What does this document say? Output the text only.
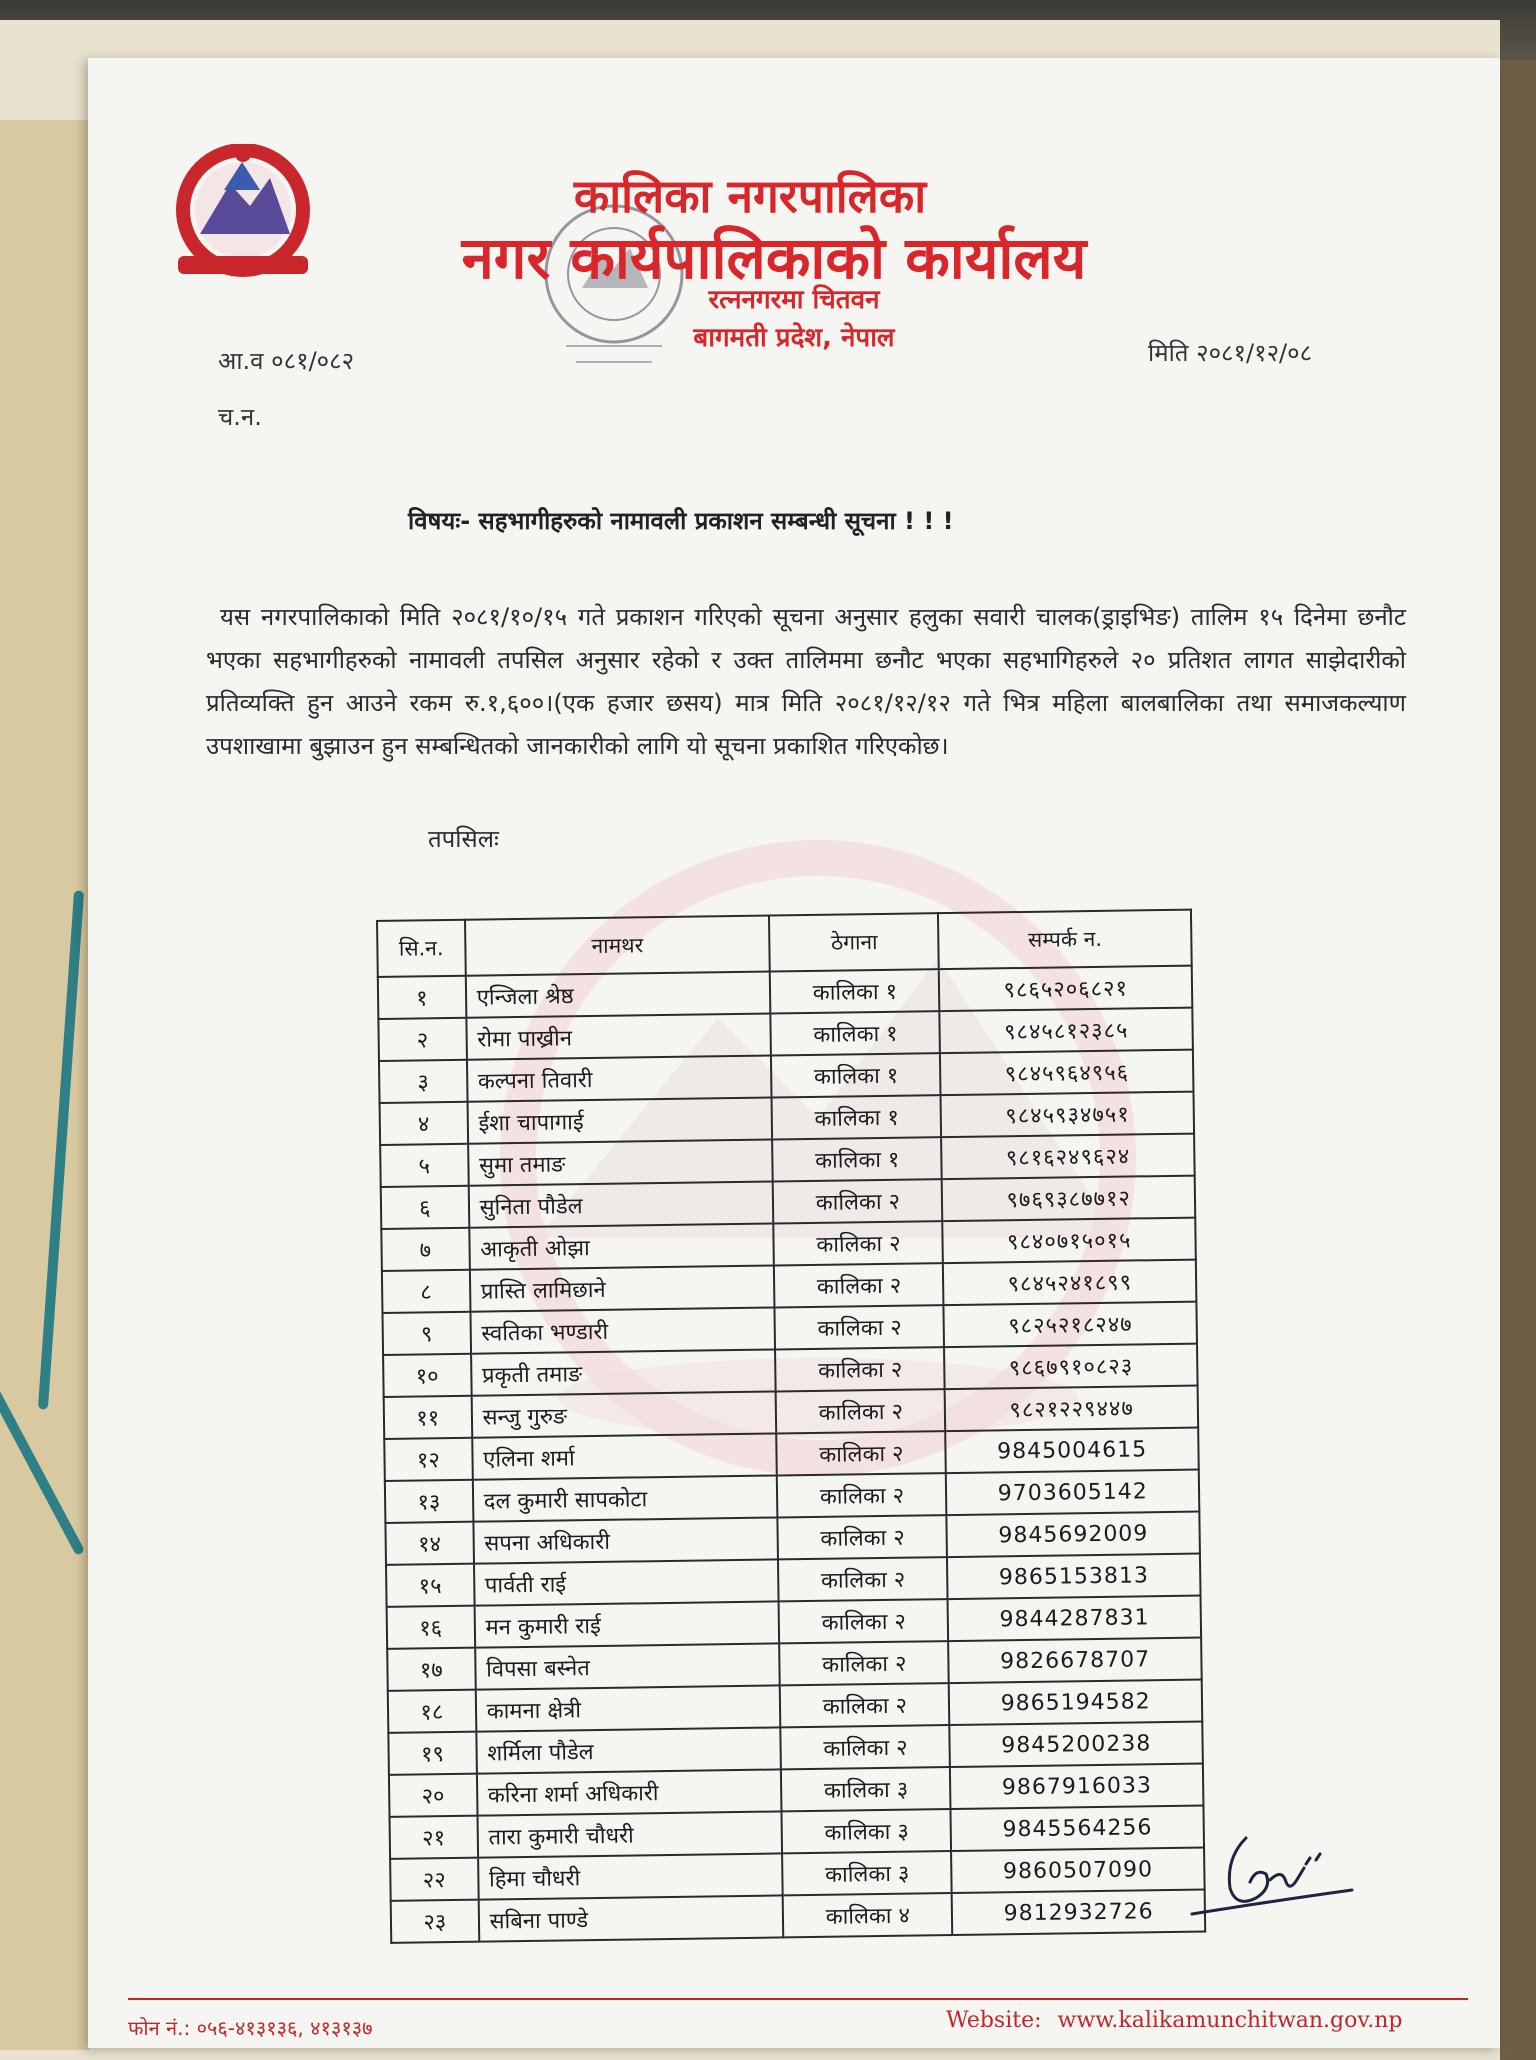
कालिका नगरपालिका

नगर कार्यपालिकाको कार्यालय

रत्ननगरमा चितवन

बागमती प्रदेश, नेपाल

आ.व ०८१/०८२

च.न.

मिति २०८१/१२/०८

विषयः- सहभागीहरुको नामावली प्रकाशन सम्बन्धी सूचना ! ! !

यस नगरपालिकाको मिति २०८१/१०/१५ गते प्रकाशन गरिएको सूचना अनुसार हलुका सवारी चालक(ड्राइभिङ) तालिम १५ दिनेमा छनौट भएका सहभागीहरुको नामावली तपसिल अनुसार रहेको र उक्त तालिममा छनौट भएका सहभागिहरुले २० प्रतिशत लागत साझेदारीको प्रतिव्यक्ति हुन आउने रकम रु.१,६००।(एक हजार छसय) मात्र मिति २०८१/१२/१२ गते भित्र महिला बालबालिका तथा समाजकल्याण उपशाखामा बुझाउन हुन सम्बन्धितको जानकारीको लागि यो सूचना प्रकाशित गरिएकोछ।

तपसिलः

सि.न.	नामथर	ठेगाना	सम्पर्क न.
१	एन्जिला श्रेष्ठ	कालिका १	९८६५२०६८२१
२	रोमा पाख्रीन	कालिका १	९८४५८१२३८५
३	कल्पना तिवारी	कालिका १	९८४५९६४९५६
४	ईशा चापागाई	कालिका १	९८४५९३४७५१
५	सुमा तमाङ	कालिका १	९८१६२४९६२४
६	सुनिता पौडेल	कालिका २	९७६९३८७७१२
७	आकृती ओझा	कालिका २	९८४०७१५०१५
८	प्रास्ति लामिछाने	कालिका २	९८४५२४१८९९
९	स्वतिका भण्डारी	कालिका २	९८२५२१८२४७
१०	प्रकृती तमाङ	कालिका २	९८६७९१०८२३
११	सन्जु गुरुङ	कालिका २	९८२१२२९४४७
१२	एलिना शर्मा	कालिका २	9845004615
१३	दल कुमारी सापकोटा	कालिका २	9703605142
१४	सपना अधिकारी	कालिका २	9845692009
१५	पार्वती राई	कालिका २	9865153813
१६	मन कुमारी राई	कालिका २	9844287831
१७	विपसा बस्नेत	कालिका २	9826678707
१८	कामना क्षेत्री	कालिका २	9865194582
१९	शर्मिला पौडेल	कालिका २	9845200238
२०	करिना शर्मा अधिकारी	कालिका ३	9867916033
२१	तारा कुमारी चौधरी	कालिका ३	9845564256
२२	हिमा चौधरी	कालिका ३	9860507090
२३	सबिना पाण्डे	कालिका ४	9812932726

फोन नं.: ०५६-४१३१३६, ४१३१३७	Website: www.kalikamunchitwan.gov.np
